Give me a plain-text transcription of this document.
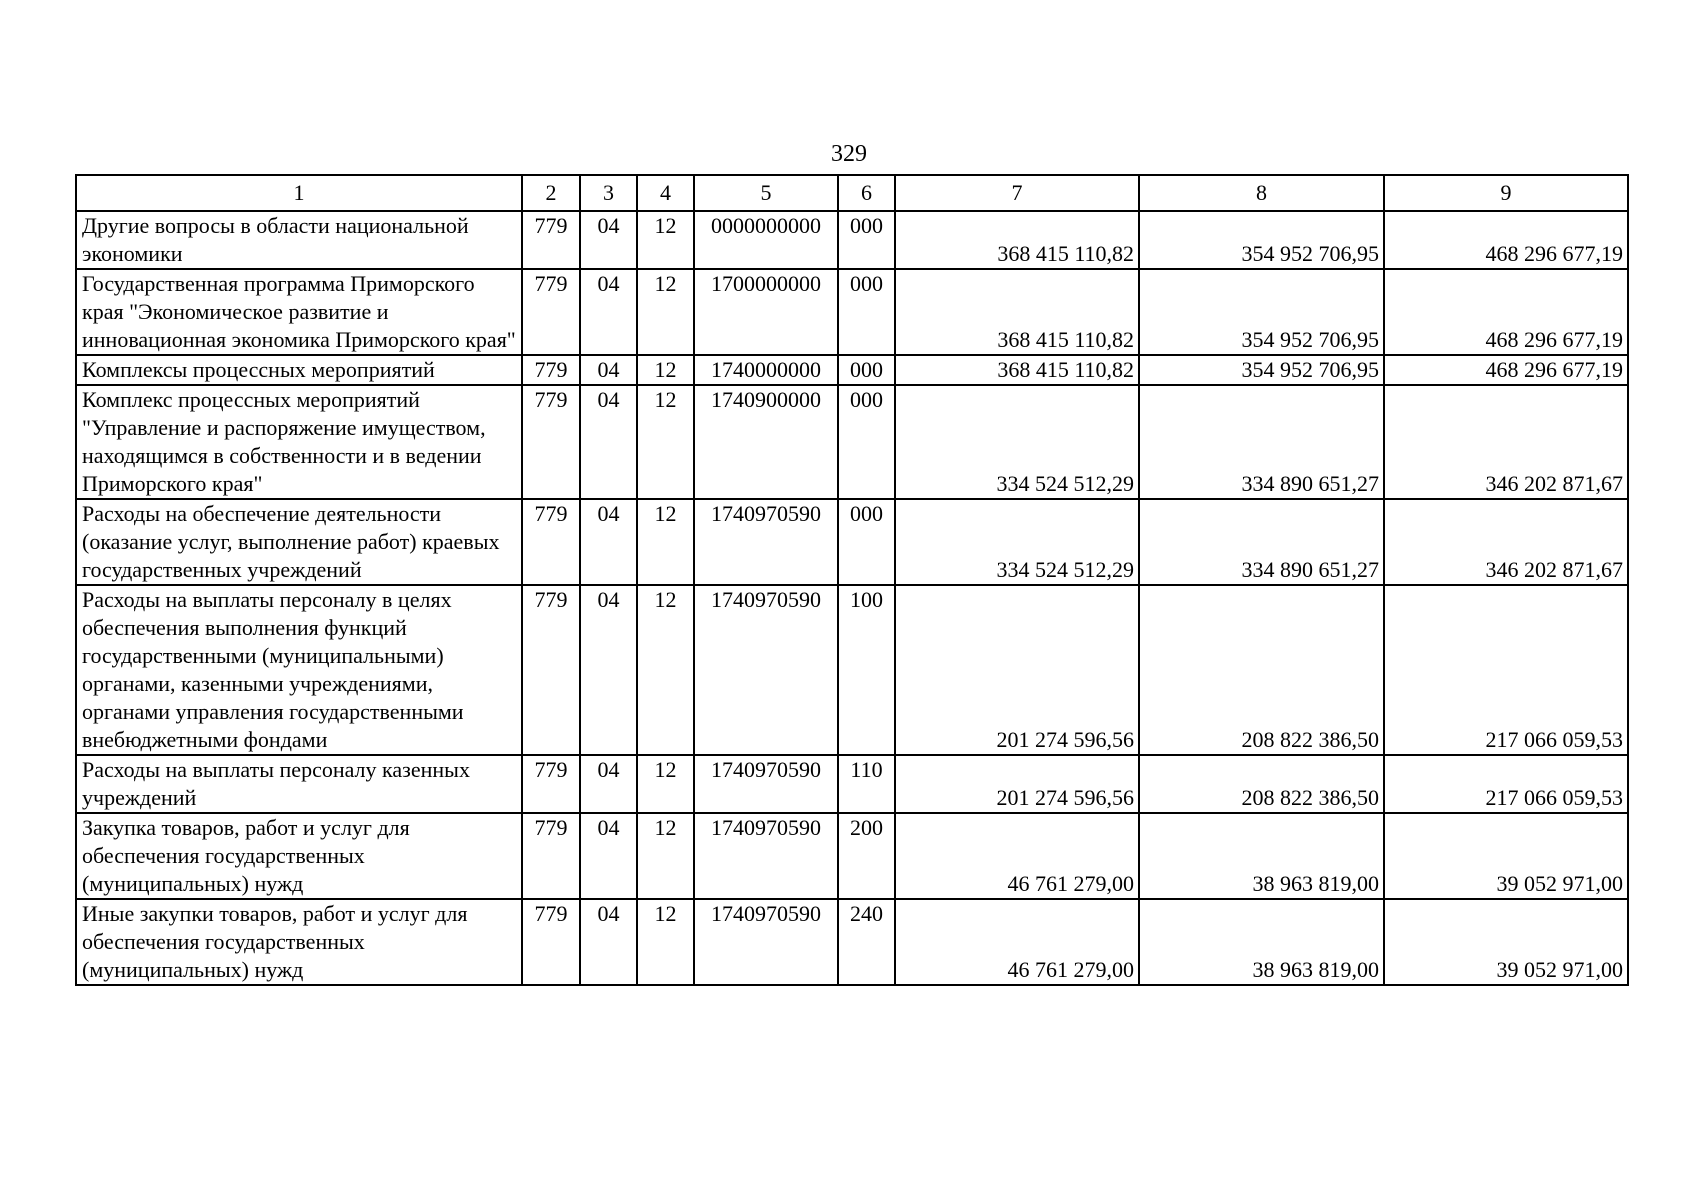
329
1	2	3	4	5	6	7	8	9
Другие вопросы в области национальной экономики	779	04	12	0000000000	000	368 415 110,82	354 952 706,95	468 296 677,19
Государственная программа Приморского края "Экономическое развитие и инновационная экономика Приморского края"	779	04	12	1700000000	000	368 415 110,82	354 952 706,95	468 296 677,19
Комплексы процессных мероприятий	779	04	12	1740000000	000	368 415 110,82	354 952 706,95	468 296 677,19
Комплекс процессных мероприятий "Управление и распоряжение имуществом, находящимся в собственности и в ведении Приморского края"	779	04	12	1740900000	000	334 524 512,29	334 890 651,27	346 202 871,67
Расходы на обеспечение деятельности (оказание услуг, выполнение работ) краевых государственных учреждений	779	04	12	1740970590	000	334 524 512,29	334 890 651,27	346 202 871,67
Расходы на выплаты персоналу в целях обеспечения выполнения функций государственными (муниципальными) органами, казенными учреждениями, органами управления государственными внебюджетными фондами	779	04	12	1740970590	100	201 274 596,56	208 822 386,50	217 066 059,53
Расходы на выплаты персоналу казенных учреждений	779	04	12	1740970590	110	201 274 596,56	208 822 386,50	217 066 059,53
Закупка товаров, работ и услуг для обеспечения государственных (муниципальных) нужд	779	04	12	1740970590	200	46 761 279,00	38 963 819,00	39 052 971,00
Иные закупки товаров, работ и услуг для обеспечения государственных (муниципальных) нужд	779	04	12	1740970590	240	46 761 279,00	38 963 819,00	39 052 971,00
